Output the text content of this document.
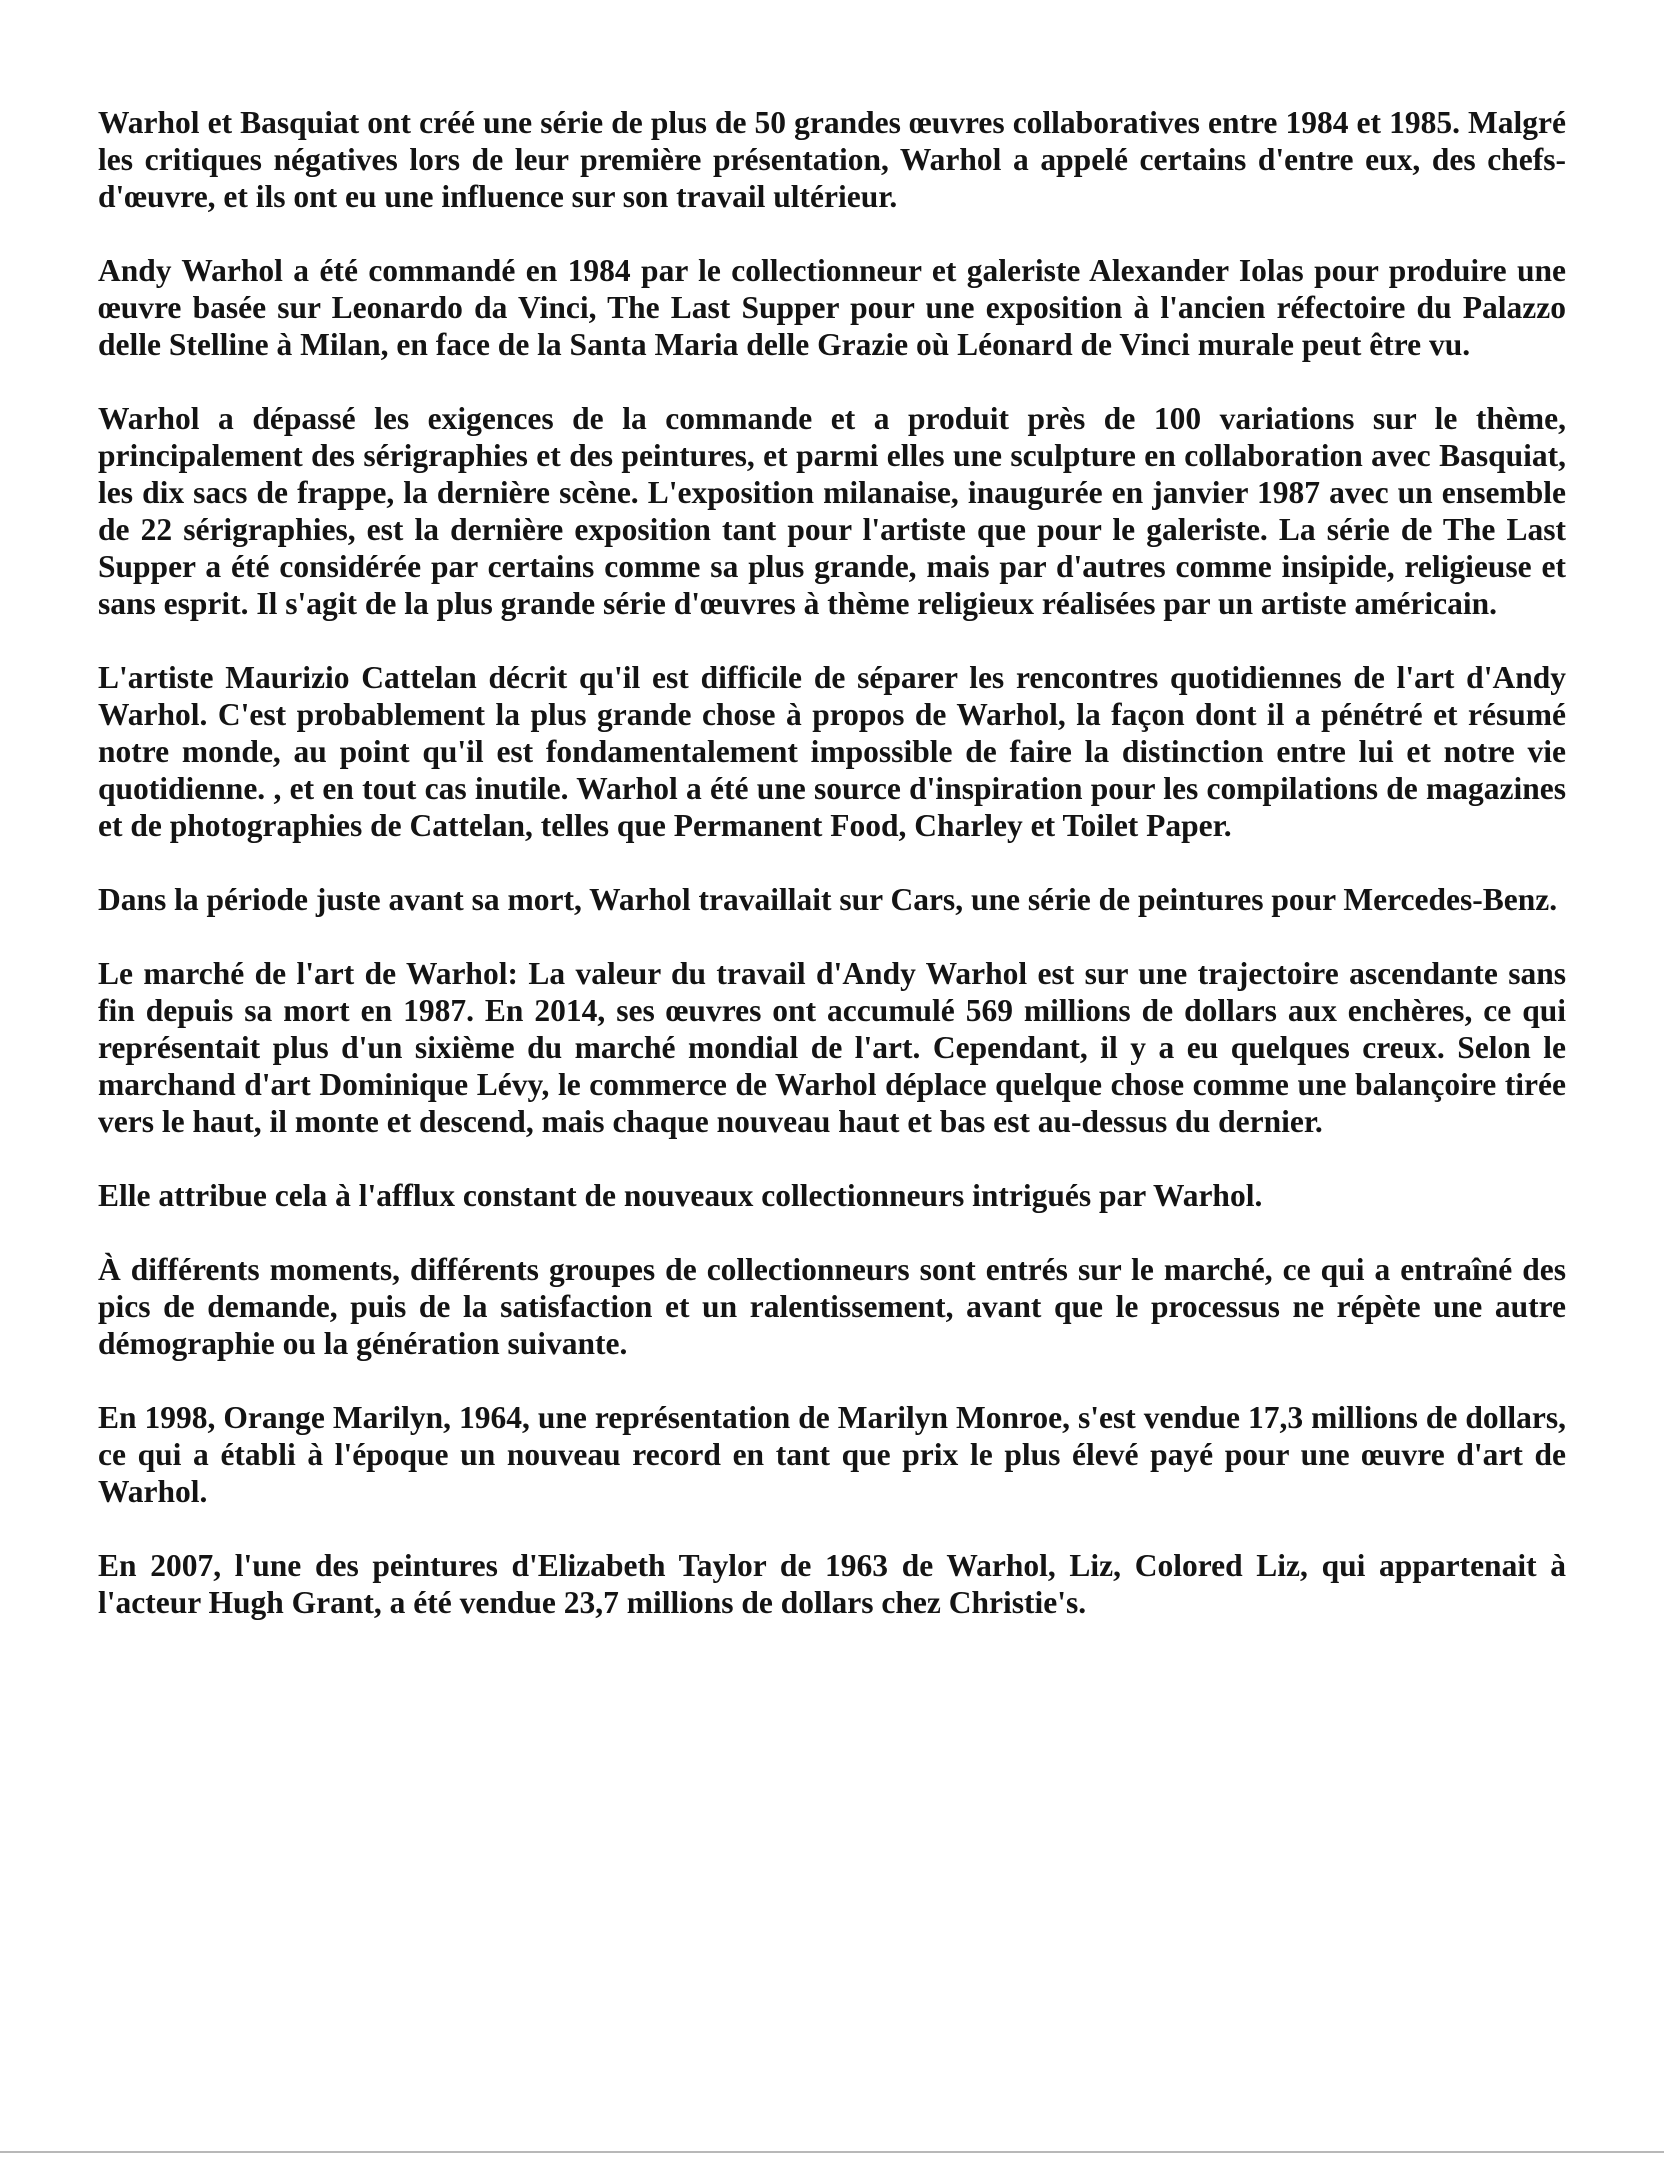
Warhol et Basquiat ont créé une série de plus de 50 grandes œuvres collaboratives entre 1984 et 1985. Malgré les critiques négatives lors de leur première présentation, Warhol a appelé certains d'entre eux, des chefs-d'œuvre, et ils ont eu une influence sur son travail ultérieur.

Andy Warhol a été commandé en 1984 par le collectionneur et galeriste Alexander Iolas pour produire une œuvre basée sur Leonardo da Vinci, The Last Supper pour une exposition à l'ancien réfectoire du Palazzo delle Stelline à Milan, en face de la Santa Maria delle Grazie où Léonard de Vinci murale peut être vu.

Warhol a dépassé les exigences de la commande et a produit près de 100 variations sur le thème, principalement des sérigraphies et des peintures, et parmi elles une sculpture en collaboration avec Basquiat, les dix sacs de frappe, la dernière scène. L'exposition milanaise, inaugurée en janvier 1987 avec un ensemble de 22 sérigraphies, est la dernière exposition tant pour l'artiste que pour le galeriste. La série de The Last Supper a été considérée par certains comme sa plus grande, mais par d'autres comme insipide, religieuse et sans esprit. Il s'agit de la plus grande série d'œuvres à thème religieux réalisées par un artiste américain.

L'artiste Maurizio Cattelan décrit qu'il est difficile de séparer les rencontres quotidiennes de l'art d'Andy Warhol. C'est probablement la plus grande chose à propos de Warhol, la façon dont il a pénétré et résumé notre monde, au point qu'il est fondamentalement impossible de faire la distinction entre lui et notre vie quotidienne. , et en tout cas inutile. Warhol a été une source d'inspiration pour les compilations de magazines et de photographies de Cattelan, telles que Permanent Food, Charley et Toilet Paper.

Dans la période juste avant sa mort, Warhol travaillait sur Cars, une série de peintures pour Mercedes-Benz.

Le marché de l'art de Warhol: La valeur du travail d'Andy Warhol est sur une trajectoire ascendante sans fin depuis sa mort en 1987. En 2014, ses œuvres ont accumulé 569 millions de dollars aux enchères, ce qui représentait plus d'un sixième du marché mondial de l'art. Cependant, il y a eu quelques creux. Selon le marchand d'art Dominique Lévy, le commerce de Warhol déplace quelque chose comme une balançoire tirée vers le haut, il monte et descend, mais chaque nouveau haut et bas est au-dessus du dernier.

Elle attribue cela à l'afflux constant de nouveaux collectionneurs intrigués par Warhol.

À différents moments, différents groupes de collectionneurs sont entrés sur le marché, ce qui a entraîné des pics de demande, puis de la satisfaction et un ralentissement, avant que le processus ne répète une autre démographie ou la génération suivante.

En 1998, Orange Marilyn, 1964, une représentation de Marilyn Monroe, s'est vendue 17,3 millions de dollars, ce qui a établi à l'époque un nouveau record en tant que prix le plus élevé payé pour une œuvre d'art de Warhol.

En 2007, l'une des peintures d'Elizabeth Taylor de 1963 de Warhol, Liz, Colored Liz, qui appartenait à l'acteur Hugh Grant, a été vendue 23,7 millions de dollars chez Christie's.
